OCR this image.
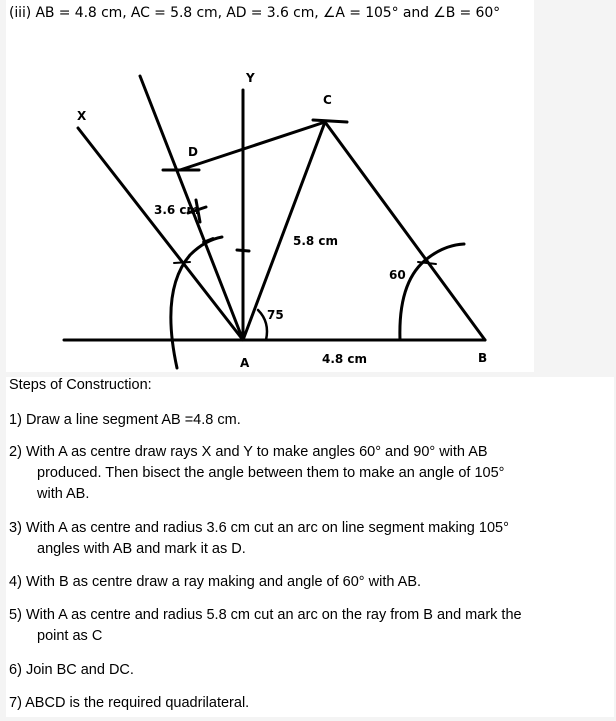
(iii) AB = 4.8 cm, AC = 5.8 cm, AD = 3.6 cm, ∠A = 105° and ∠B = 60°
X
Y
C
D
3.6 cm
5.8 cm
60
75
A	4.8 cm	B
Steps of Construction:
1) Draw a line segment AB =4.8 cm.
2) With A as centre draw rays X and Y to make angles 60° and 90° with AB
produced. Then bisect the angle between them to make an angle of 105°
with AB.
3) With A as centre and radius 3.6 cm cut an arc on line segment making 105°
angles with AB and mark it as D.
4) With B as centre draw a ray making and angle of 60° with AB.
5) With A as centre and radius 5.8 cm cut an arc on the ray from B and mark the
point as C
6) Join BC and DC.
7) ABCD is the required quadrilateral.
